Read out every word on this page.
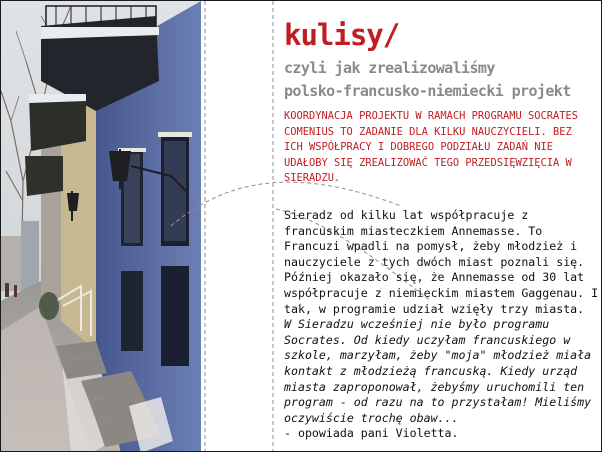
kulisy/
czyli jak zrealizowaliśmy
polsko-francusko-niemiecki projekt

KOORDYNACJA PROJEKTU W RAMACH PROGRAMU SOCRATES COMENIUS TO ZADANIE DLA KILKU NAUCZYCIELI. BEZ ICH WSPÓŁPRACY I DOBREGO PODZIAŁU ZADAŃ NIE UDAŁOBY SIĘ ZREALIZOWAĆ TEGO PRZEDSIĘWZIĘCIA W SIERADZU.

Sieradz od kilku lat współpracuje z francuskim miasteczkiem Annemasse. To Francuzi wpadli na pomysł, żeby młodzież i nauczyciele z tych dwóch miast poznali się. Później okazało się, że Annemasse od 30 lat współpracuje z niemieckim miastem Gaggenau. I tak, w programie udział wzięły trzy miasta.
W Sieradzu wcześniej nie było programu Socrates. Od kiedy uczyłam francuskiego w szkole, marzyłam, żeby "moja" młodzież miała kontakt z młodzieżą francuską. Kiedy urząd miasta zaproponował, żebyśmy uruchomili ten program - od razu na to przystałam! Mieliśmy oczywiście trochę obaw...
- opowiada pani Violetta.
